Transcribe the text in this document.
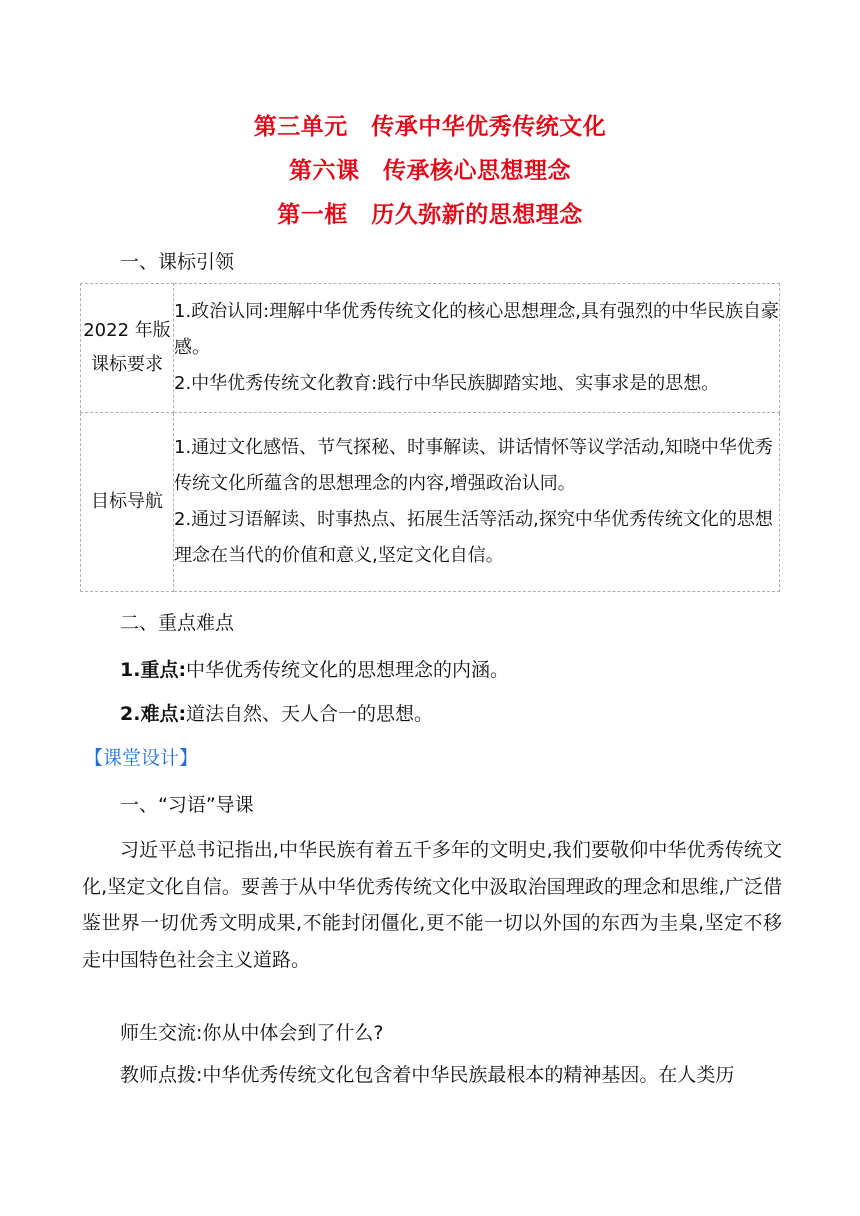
第三单元　传承中华优秀传统文化
第六课　传承核心思想理念
第一框　历久弥新的思想理念
一、课标引领
2022 年版
课标要求	1.政治认同:理解中华优秀传统文化的核心思想理念,具有强烈的中华民族自豪感。
2.中华优秀传统文化教育:践行中华民族脚踏实地、实事求是的思想。

目标导航	1.通过文化感悟、节气探秘、时事解读、讲话情怀等议学活动,知晓中华优秀传统文化所蕴含的思想理念的内容,增强政治认同。
2.通过习语解读、时事热点、拓展生活等活动,探究中华优秀传统文化的思想理念在当代的价值和意义,坚定文化自信。
二、重点难点
1.重点:中华优秀传统文化的思想理念的内涵。
2.难点:道法自然、天人合一的思想。
【课堂设计】
一、“习语”导课
习近平总书记指出,中华民族有着五千多年的文明史,我们要敬仰中华优秀传统文化,坚定文化自信。要善于从中华优秀传统文化中汲取治国理政的理念和思维,广泛借鉴世界一切优秀文明成果,不能封闭僵化,更不能一切以外国的东西为圭臬,坚定不移走中国特色社会主义道路。
师生交流:你从中体会到了什么?
教师点拨:中华优秀传统文化包含着中华民族最根本的精神基因。在人类历
